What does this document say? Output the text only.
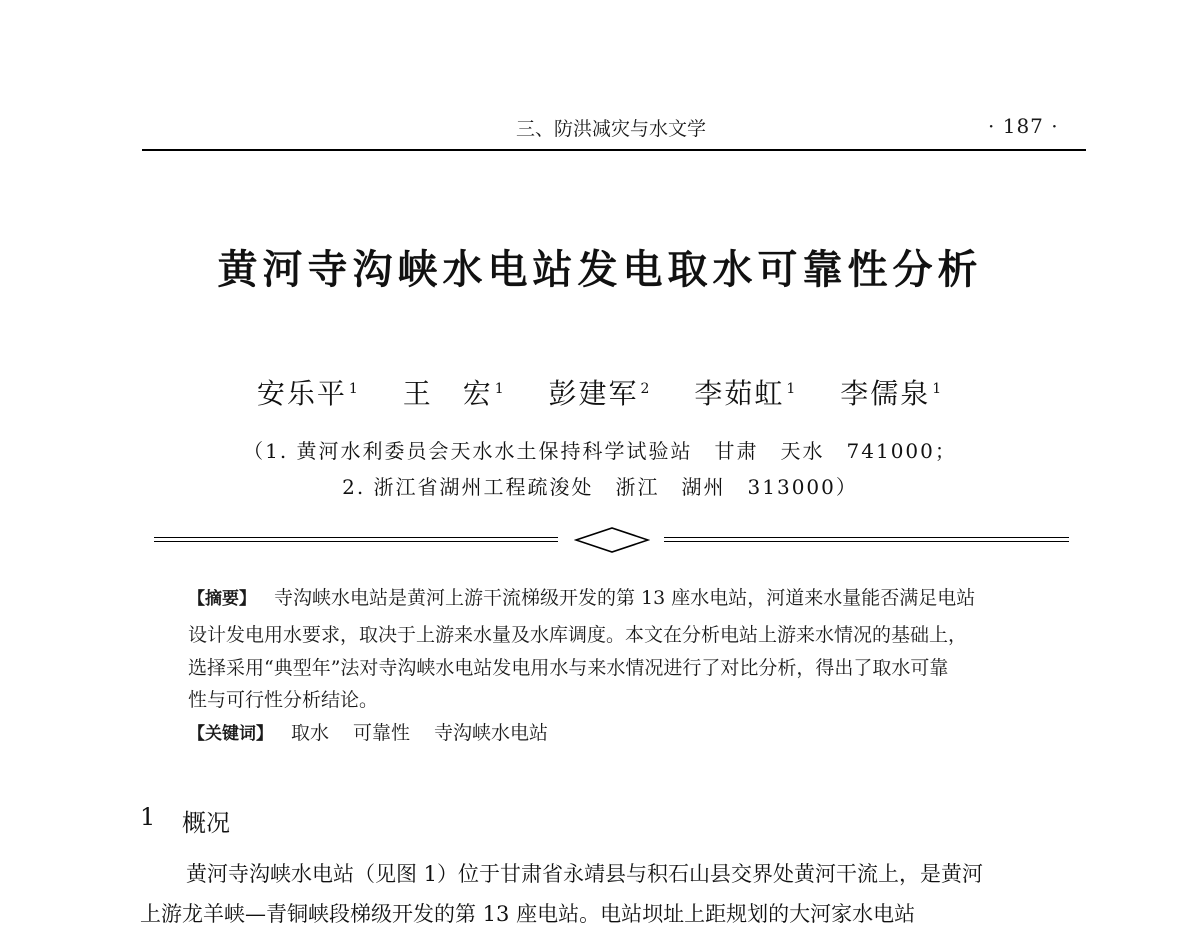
三、防洪减灾与水文学	· 187 ·
黄河寺沟峡水电站发电取水可靠性分析
安乐平 $^1$ 王　宏 $^1$ 彭建军 $^2$ 李茹虹 $^1$ 李儒泉 $^1$
（1. 黄河水利委员会天水水土保持科学试验站　甘肃　天水　741000；
2. 浙江省湖州工程疏浚处　浙江　湖州　313000）
【摘要】 寺沟峡水电站是黄河上游干流梯级开发的第 13 座水电站，河道来水量能否满足电站
设计发电用水要求，取决于上游来水量及水库调度。本文在分析电站上游来水情况的基础上，
选择采用“典型年”法对寺沟峡水电站发电用水与来水情况进行了对比分析，得出了取水可靠
性与可行性分析结论。
【关键词】 取水 可靠性 寺沟峡水电站
1 概况
黄河寺沟峡水电站（见图 1）位于甘肃省永靖县与积石山县交界处黄河干流上，是黄河
上游龙羊峡—青铜峡段梯级开发的第 13 座电站。电站坝址上距规划的大河家水电站
